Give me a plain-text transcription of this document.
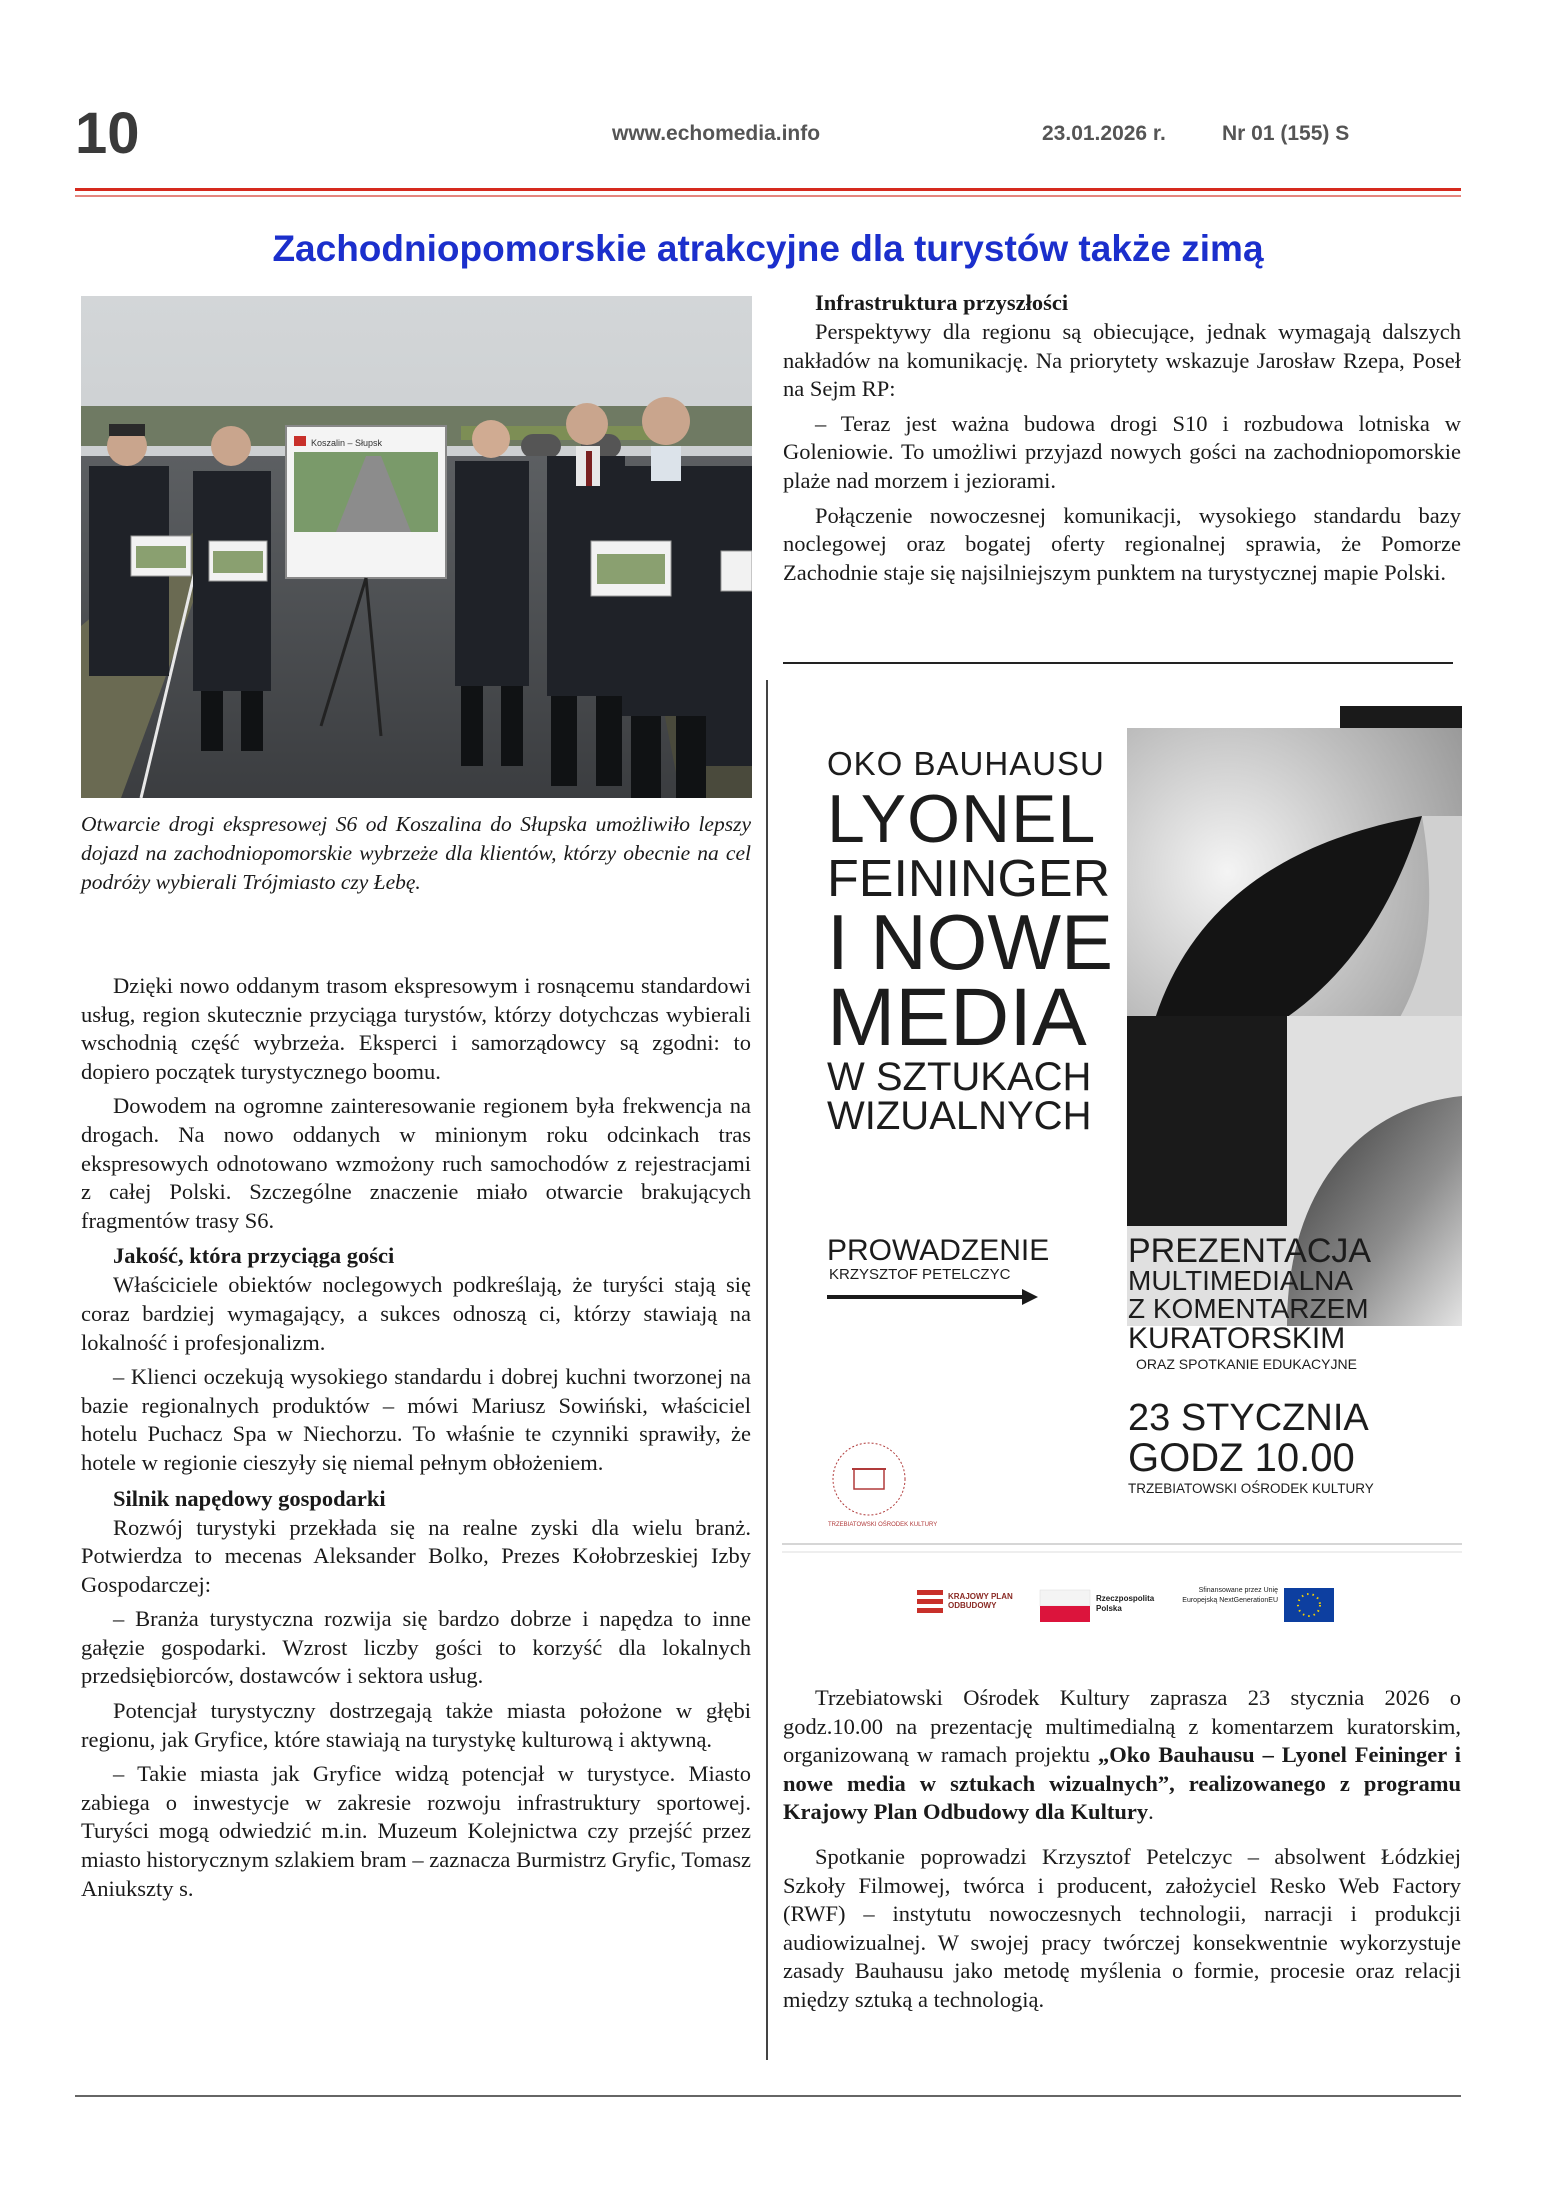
10	www.echomedia.info	23.01.2026 r.	Nr 01 (155) S
Zachodniopomorskie atrakcyjne dla turystów także zimą
Koszalin – Słupsk
Otwarcie drogi ekspresowej S6 od Koszalina do Słupska umożliwiło lepszy dojazd na zachodniopomorskie wybrzeże dla klientów, którzy obecnie na cel podróży wybierali Trójmiasto czy Łebę.

Dzięki nowo oddanym trasom ekspresowym i rosnącemu standardowi usług, region skutecznie przyciąga turystów, którzy dotychczas wybierali wschodnią część wybrzeża. Eksperci i samorządowcy są zgodni: to dopiero początek turystycznego boomu.

Dowodem na ogromne zainteresowanie regionem była frekwencja na drogach. Na nowo oddanych w minionym roku odcinkach tras ekspresowych odnotowano wzmożony ruch samochodów z rejestracjami z całej Polski. Szczególne znaczenie miało otwarcie brakujących fragmentów trasy S6.

Jakość, która przyciąga gości

Właściciele obiektów noclegowych podkreślają, że turyści stają się coraz bardziej wymagający, a sukces odnoszą ci, którzy stawiają na lokalność i profesjonalizm.

– Klienci oczekują wysokiego standardu i dobrej kuchni tworzonej na bazie regionalnych produktów – mówi Mariusz Sowiński, właściciel hotelu Puchacz Spa w Niechorzu. To właśnie te czynniki sprawiły, że hotele w regionie cieszyły się niemal pełnym obłożeniem.

Silnik napędowy gospodarki

Rozwój turystyki przekłada się na realne zyski dla wielu branż. Potwierdza to mecenas Aleksander Bolko, Prezes Kołobrzeskiej Izby Gospodarczej:

– Branża turystyczna rozwija się bardzo dobrze i napędza to inne gałęzie gospodarki. Wzrost liczby gości to korzyść dla lokalnych przedsiębiorców, dostawców i sektora usług.

Potencjał turystyczny dostrzegają także miasta położone w głębi regionu, jak Gryfice, które stawiają na turystykę kulturową i aktywną.

– Takie miasta jak Gryfice widzą potencjał w turystyce. Miasto zabiega o inwestycje w zakresie rozwoju infrastruktury sportowej. Turyści mogą odwiedzić m.in. Muzeum Kolejnictwa czy przejść przez miasto historycznym szlakiem bram – zaznacza Burmistrz Gryfic, Tomasz Aniukszty s.

Infrastruktura przyszłości

Perspektywy dla regionu są obiecujące, jednak wymagają dalszych nakładów na komunikację. Na priorytety wskazuje Jarosław Rzepa, Poseł na Sejm RP:

– Teraz jest ważna budowa drogi S10 i rozbudowa lotniska w Goleniowie. To umożliwi przyjazd nowych gości na zachodniopomorskie plaże nad morzem i jeziorami.

Połączenie nowoczesnej komunikacji, wysokiego standardu bazy noclegowej oraz bogatej oferty regionalnej sprawia, że Pomorze Zachodnie staje się najsilniejszym punktem na turystycznej mapie Polski.

OKO BAUHAUSU
LYONEL
FEININGER
I NOWE
MEDIA
W SZTUKACH
WIZUALNYCH
PROWADZENIE
KRZYSZTOF PETELCZYC
PREZENTACJA
MULTIMEDIALNA
Z KOMENTARZEM
KURATORSKIM
ORAZ SPOTKANIE EDUKACYJNE
23 STYCZNIA
GODZ 10.00
TRZEBIATOWSKI OŚRODEK KULTURY
TRZEBIATOWSKI OŚRODEK KULTURY
KRAJOWY PLAN ODBUDOWY
Rzeczpospolita Polska
Sfinansowane przez Unię Europejską NextGenerationEU

Trzebiatowski Ośrodek Kultury zaprasza 23 stycznia 2026 o godz.10.00 na prezentację multimedialną z komentarzem kuratorskim, organizowaną w ramach projektu „Oko Bauhausu – Lyonel Feininger i nowe media w sztukach wizualnych”, realizowanego z programu Krajowy Plan Odbudowy dla Kultury.

Spotkanie poprowadzi Krzysztof Petelczyc – absolwent Łódzkiej Szkoły Filmowej, twórca i producent, założyciel Resko Web Factory (RWF) – instytutu nowoczesnych technologii, narracji i produkcji audiowizualnej. W swojej pracy twórczej konsekwentnie wykorzystuje zasady Bauhausu jako metodę myślenia o formie, procesie oraz relacji między sztuką a technologią.
